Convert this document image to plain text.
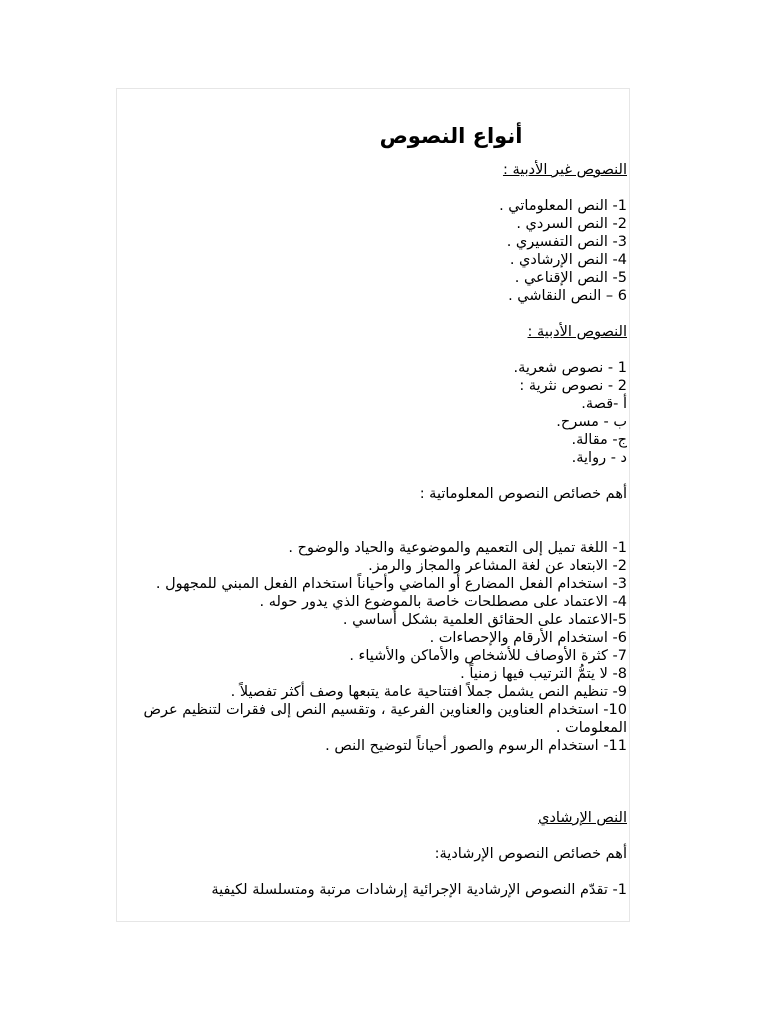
أنواع النصوص
النصوص غير الأدبية :
1- النص المعلوماتي .
2- النص السردي .
3- النص التفسيري .
4- النص الإرشادي .
5- النص الإقناعي .
6 – النص النقاشي .
النصوص الأدبية :
1 - نصوص شعرية.
2 - نصوص نثرية :
أ -قصة.
ب - مسرح.
ج- مقالة.
د - رواية.
أهم خصائص النصوص المعلوماتية :
1- اللغة تميل إلى التعميم والموضوعية والحياد والوضوح .
2- الابتعاد عن لغة المشاعر والمجاز والرمز.
3- استخدام الفعل المضارع أو الماضي وأحياناً استخدام الفعل المبني للمجهول .
4- الاعتماد على مصطلحات خاصة بالموضوع الذي يدور حوله .
5-الاعتماد على الحقائق العلمية بشكل أساسي .
6- استخدام الأرقام والإحصاءات .
7- كثرة الأوصاف للأشخاص والأماكن والأشياء .
8- لا يتمُّ الترتيب فيها زمنياً .
9- تنظيم النص يشمل جملاً افتتاحية عامة يتبعها وصف أكثر تفصيلاً .
10- استخدام العناوين والعناوين الفرعية ، وتقسيم النص إلى فقرات لتنظيم عرض المعلومات .
11- استخدام الرسوم والصور أحياناً لتوضيح النص .
النص الإرشادي
أهم خصائص النصوص الإرشادية:
1- تقدّم النصوص الإرشادية الإجرائية إرشادات مرتبة ومتسلسلة لكيفية
